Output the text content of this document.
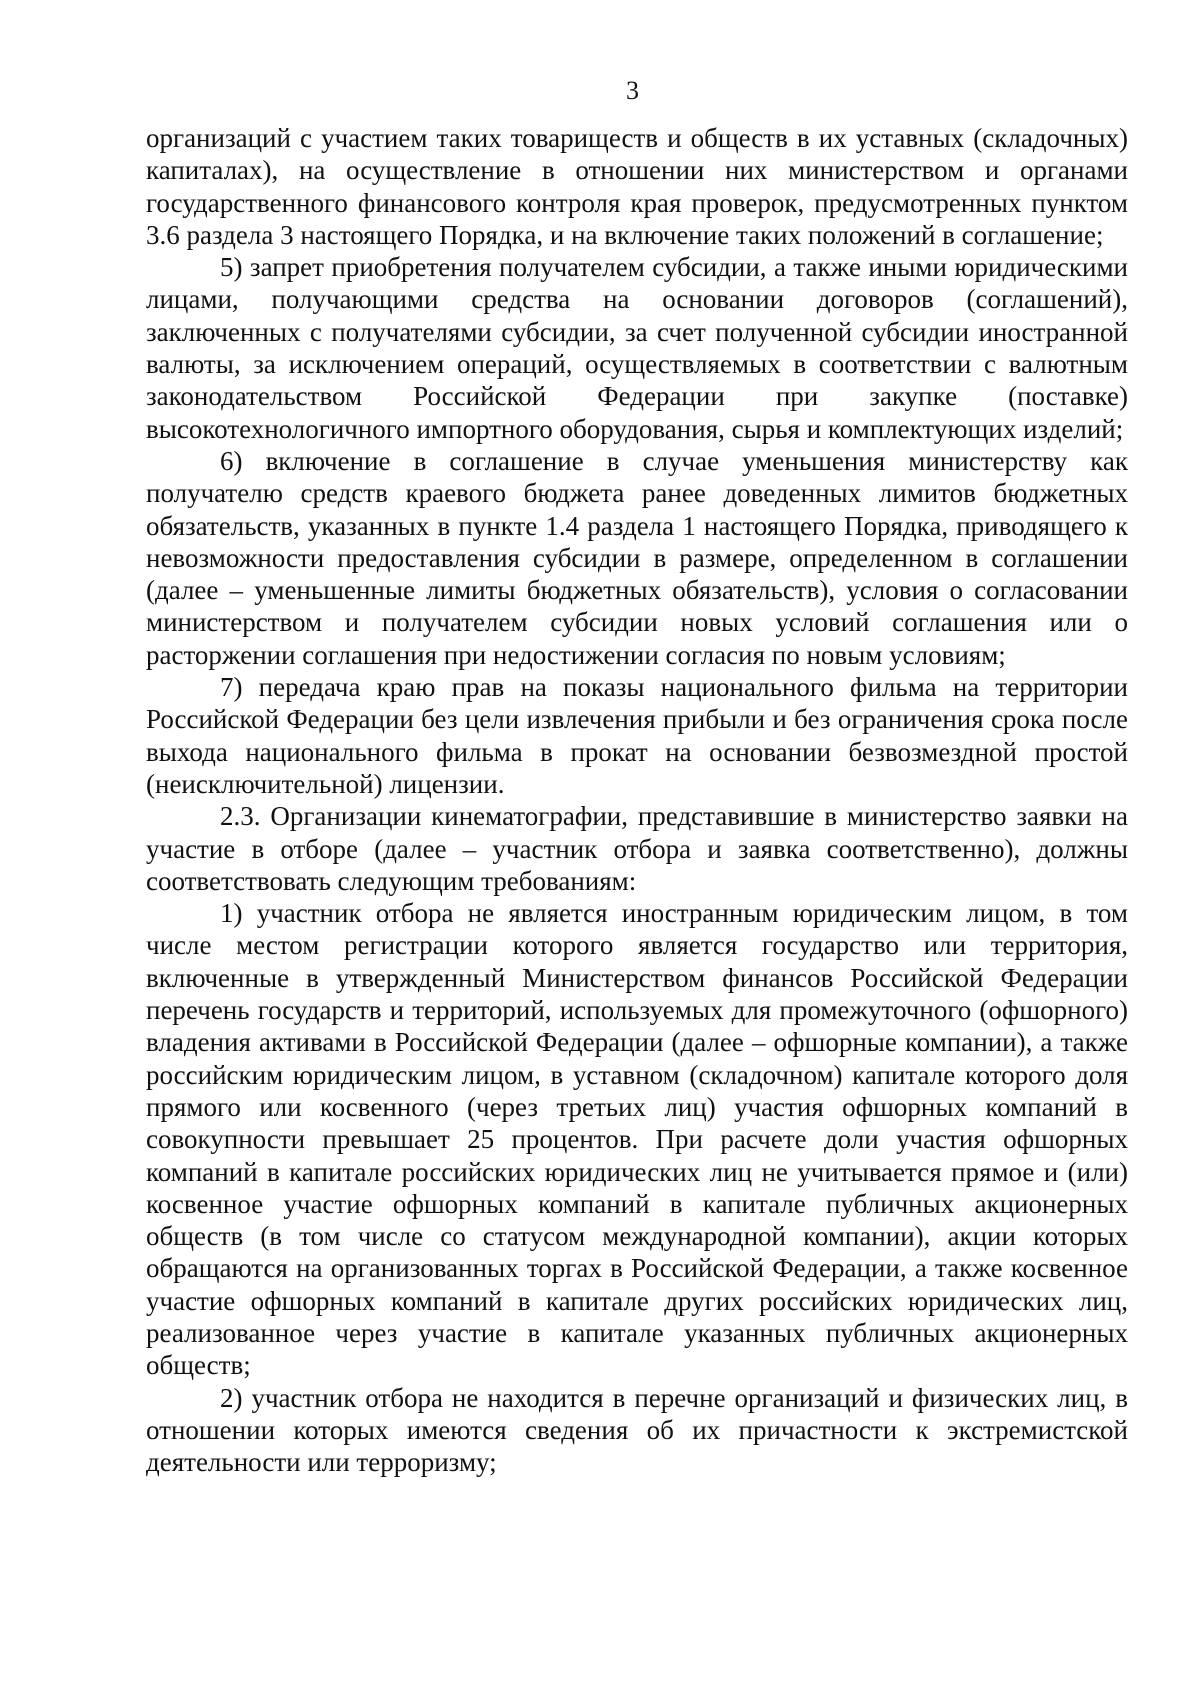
3

организаций с участием таких товариществ и обществ в их уставных (складочных) капиталах), на осуществление в отношении них министерством и органами государственного финансового контроля края проверок, предусмотренных пунктом 3.6 раздела 3 настоящего Порядка, и на включение таких положений в соглашение;

5) запрет приобретения получателем субсидии, а также иными юридическими лицами, получающими средства на основании договоров (соглашений), заключенных с получателями субсидии, за счет полученной субсидии иностранной валюты, за исключением операций, осуществляемых в соответствии с валютным законодательством Российской Федерации при закупке (поставке) высокотехнологичного импортного оборудования, сырья и комплектующих изделий;

6) включение в соглашение в случае уменьшения министерству как получателю средств краевого бюджета ранее доведенных лимитов бюджетных обязательств, указанных в пункте 1.4 раздела 1 настоящего Порядка, приводящего к невозможности предоставления субсидии в размере, определенном в соглашении (далее – уменьшенные лимиты бюджетных обязательств), условия о согласовании министерством и получателем субсидии новых условий соглашения или о расторжении соглашения при недостижении согласия по новым условиям;

7) передача краю прав на показы национального фильма на территории Российской Федерации без цели извлечения прибыли и без ограничения срока после выхода национального фильма в прокат на основании безвозмездной простой (неисключительной) лицензии.

2.3. Организации кинематографии, представившие в министерство заявки на участие в отборе (далее – участник отбора и заявка соответственно), должны соответствовать следующим требованиям:

1) участник отбора не является иностранным юридическим лицом, в том числе местом регистрации которого является государство или территория, включенные в утвержденный Министерством финансов Российской Федерации перечень государств и территорий, используемых для промежуточного (офшорного) владения активами в Российской Федерации (далее – офшорные компании), а также российским юридическим лицом, в уставном (складочном) капитале которого доля прямого или косвенного (через третьих лиц) участия офшорных компаний в совокупности превышает 25 процентов. При расчете доли участия офшорных компаний в капитале российских юридических лиц не учитывается прямое и (или) косвенное участие офшорных компаний в капитале публичных акционерных обществ (в том числе со статусом международной компании), акции которых обращаются на организованных торгах в Российской Федерации, а также косвенное участие офшорных компаний в капитале других российских юридических лиц, реализованное через участие в капитале указанных публичных акционерных обществ;

2) участник отбора не находится в перечне организаций и физических лиц, в отношении которых имеются сведения об их причастности к экстремистской деятельности или терроризму;
